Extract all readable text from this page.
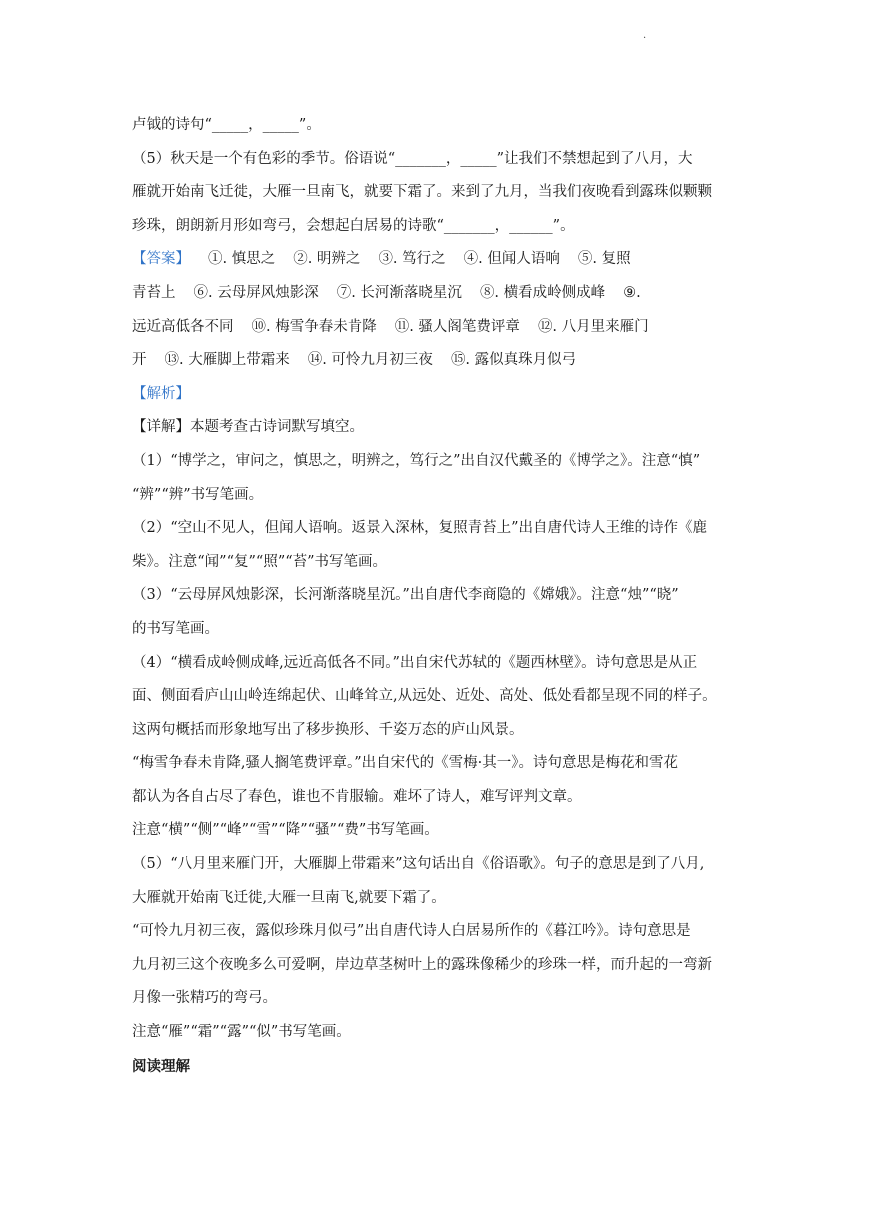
.

卢钺的诗句“_____，_____”。

（5）秋天是一个有色彩的季节。俗语说“_______，_____”让我们不禁想起到了八月，大

雁就开始南飞迁徙，大雁一旦南飞，就要下霜了。来到了九月，当我们夜晚看到露珠似颗颗

珍珠，朗朗新月形如弯弓，会想起白居易的诗歌“_______，______”。

【答案】 ①. 慎思之 ②. 明辨之 ③. 笃行之 ④. 但闻人语响 ⑤. 复照
青苔上 ⑥. 云母屏风烛影深 ⑦. 长河渐落晓星沉 ⑧. 横看成岭侧成峰 ⑨.
远近高低各不同 ⑩. 梅雪争春未肯降 ⑪. 骚人阁笔费评章 ⑫. 八月里来雁门
开 ⑬. 大雁脚上带霜来 ⑭. 可怜九月初三夜 ⑮. 露似真珠月似弓

【解析】

【详解】本题考查古诗词默写填空。

（1）“博学之，审问之，慎思之，明辨之，笃行之”出自汉代戴圣的《博学之》。注意“慎”

“辨”“辨”书写笔画。

（2）“空山不见人，但闻人语响。返景入深林，复照青苔上”出自唐代诗人王维的诗作《鹿

柴》。注意“闻”“复”“照”“苔”书写笔画。

（3）“云母屏风烛影深，长河渐落晓星沉。”出自唐代李商隐的《嫦娥》。注意“烛”“晓”

的书写笔画。

（4）“横看成岭侧成峰,远近高低各不同。”出自宋代苏轼的《题西林壁》。诗句意思是从正

面、侧面看庐山山岭连绵起伏、山峰耸立,从远处、近处、高处、低处看都呈现不同的样子。

这两句概括而形象地写出了移步换形、千姿万态的庐山风景。

“梅雪争春未肯降,骚人搁笔费评章。”出自宋代的《雪梅·其一》。诗句意思是梅花和雪花

都认为各自占尽了春色，谁也不肯服输。难坏了诗人，难写评判文章。

注意“横”“侧”“峰”“雪”“降”“骚”“费”书写笔画。

（5）“八月里来雁门开，大雁脚上带霜来”这句话出自《俗语歌》。句子的意思是到了八月,

大雁就开始南飞迁徙,大雁一旦南飞,就要下霜了。

“可怜九月初三夜，露似珍珠月似弓”出自唐代诗人白居易所作的《暮江吟》。诗句意思是

九月初三这个夜晚多么可爱啊，岸边草茎树叶上的露珠像稀少的珍珠一样，而升起的一弯新

月像一张精巧的弯弓。

注意“雁”“霜”“露”“似”书写笔画。

阅读理解
